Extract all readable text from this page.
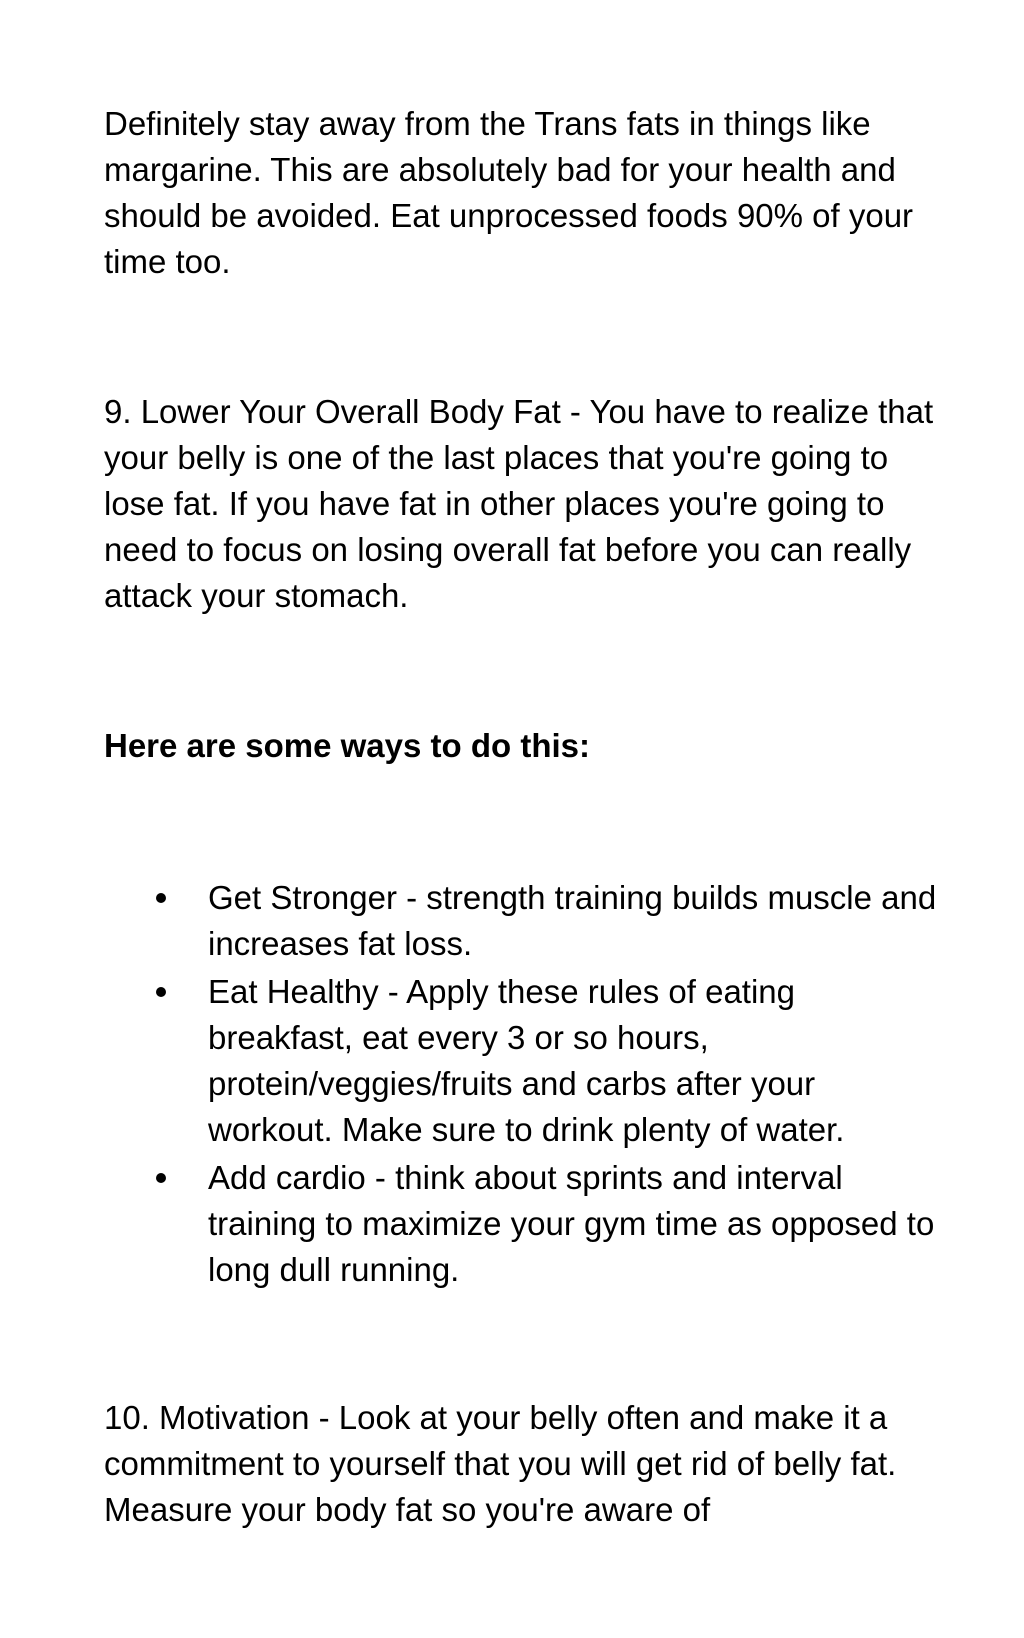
Definitely stay away from the Trans fats in things like margarine. This are absolutely bad for your health and should be avoided. Eat unprocessed foods 90% of your time too.

9. Lower Your Overall Body Fat - You have to realize that your belly is one of the last places that you're going to lose fat. If you have fat in other places you're going to need to focus on losing overall fat before you can really attack your stomach.

Here are some ways to do this:

Get Stronger - strength training builds muscle and increases fat loss.
Eat Healthy - Apply these rules of eating breakfast, eat every 3 or so hours, protein/veggies/fruits and carbs after your workout. Make sure to drink plenty of water.
Add cardio - think about sprints and interval training to maximize your gym time as opposed to long dull running.

10. Motivation - Look at your belly often and make it a commitment to yourself that you will get rid of belly fat. Measure your body fat so you're aware of
